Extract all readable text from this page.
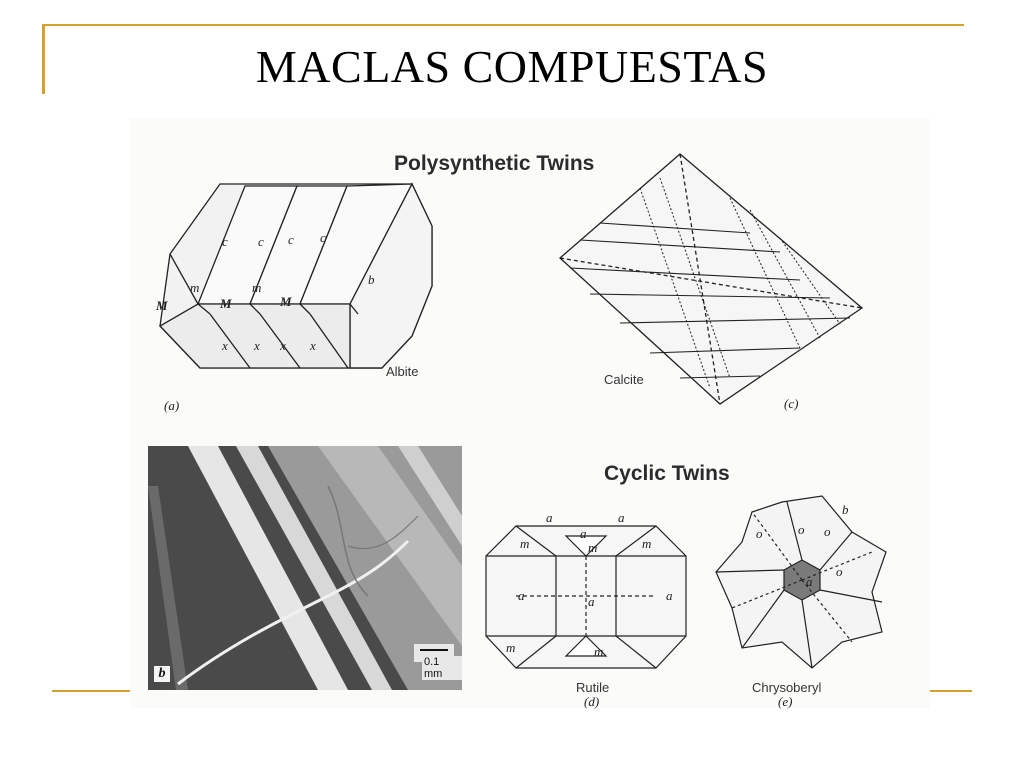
MACLAS COMPUESTAS
Polysynthetic Twins
c c c c
b
m	m
M	M	M
x x x x
Albite
(a)
Calcite
(c)
0.1 mm
b
Cyclic Twins
a	a
a
m	m	m
a	a	a
m	m
Rutile
(d)
o	o o
b
o
a
Chrysoberyl
(e)
